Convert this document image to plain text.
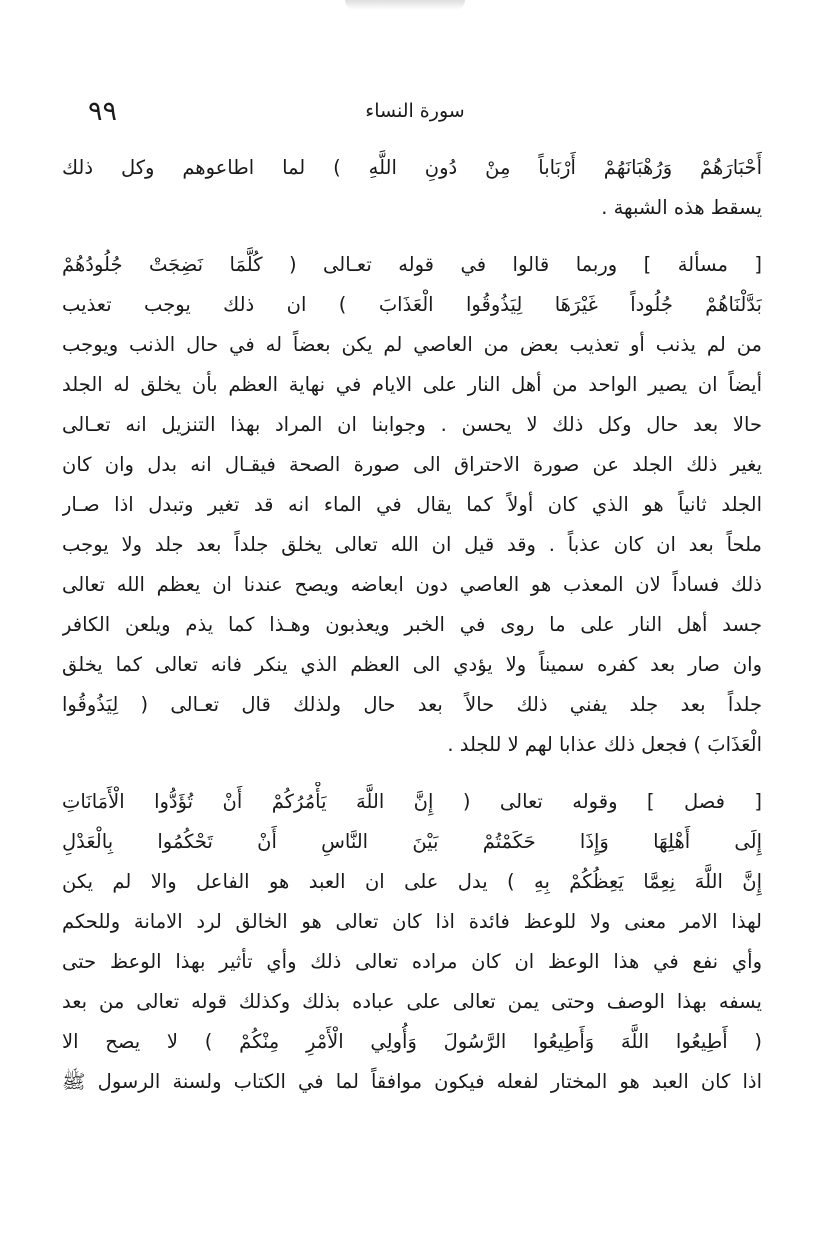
٩٩	سورة النساء
أَحْبَارَهُمْ وَرُهْبَانَهُمْ أَرْبَاباً مِنْ دُونِ اللَّهِ ) لما اطاعوهم وكل ذلك
يسقط هذه الشبهة .
[ مسألة ] وربما قالوا في قوله تعـالى ( كُلَّمَا نَضِجَتْ جُلُودُهُمْ
بَدَّلْنَاهُمْ جُلُوداً غَيْرَهَا لِيَذُوقُوا الْعَذَابَ ) ان ذلك يوجب تعذيب
من لم يذنب أو تعذيب بعض من العاصي لم يكن بعضاً له في حال الذنب ويوجب
أيضاً ان يصير الواحد من أهل النار على الايام في نهاية العظم بأن يخلق له الجلد
حالا بعد حال وكل ذلك لا يحسن . وجوابنا ان المراد بهذا التنزيل انه تعـالى
يغير ذلك الجلد عن صورة الاحتراق الى صورة الصحة فيقـال انه بدل وان كان
الجلد ثانياً هو الذي كان أولاً كما يقال في الماء انه قد تغير وتبدل اذا صـار
ملحاً بعد ان كان عذباً . وقد قيل ان الله تعالى يخلق جلداً بعد جلد ولا يوجب
ذلك فساداً لان المعذب هو العاصي دون ابعاضه ويصح عندنا ان يعظم الله تعالى
جسد أهل النار على ما روى في الخبر ويعذبون وهـذا كما يذم ويلعن الكافر
وان صار بعد كفره سميناً ولا يؤدي الى العظم الذي ينكر فانه تعالى كما يخلق
جلداً بعد جلد يفني ذلك حالاً بعد حال ولذلك قال تعـالى ( لِيَذُوقُوا
الْعَذَابَ ) فجعل ذلك عذابا لهم لا للجلد .
[ فصل ] وقوله تعالى ( إِنَّ اللَّهَ يَأْمُرُكُمْ أَنْ تُؤَدُّوا الْأَمَانَاتِ
إِلَى أَهْلِهَا وَإِذَا حَكَمْتُمْ بَيْنَ النَّاسِ أَنْ تَحْكُمُوا بِالْعَدْلِ
إِنَّ اللَّهَ نِعِمَّا يَعِظُكُمْ بِهِ ) يدل على ان العبد هو الفاعل والا لم يكن
لهذا الامر معنى ولا للوعظ فائدة اذا كان تعالى هو الخالق لرد الامانة وللحكم
وأي نفع في هذا الوعظ ان كان مراده تعالى ذلك وأي تأثير بهذا الوعظ حتى
يسفه بهذا الوصف وحتى يمن تعالى على عباده بذلك وكذلك قوله تعالى من بعد
( أَطِيعُوا اللَّهَ وَأَطِيعُوا الرَّسُولَ وَأُولِي الْأَمْرِ مِنْكُمْ ) لا يصح الا
اذا كان العبد هو المختار لفعله فيكون موافقاً لما في الكتاب ولسنة الرسول ﷺ
